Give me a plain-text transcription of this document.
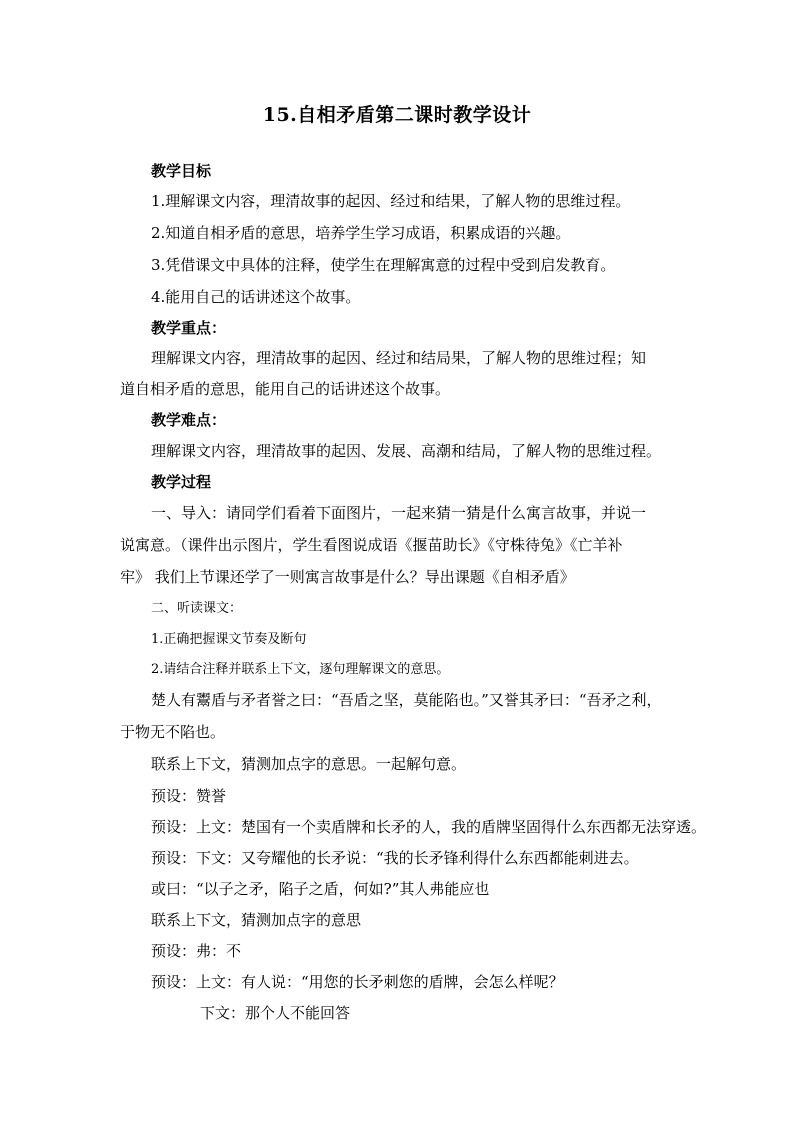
15.自相矛盾第二课时教学设计
教学目标
1.理解课文内容，理清故事的起因、经过和结果，了解人物的思维过程。
2.知道自相矛盾的意思，培养学生学习成语，积累成语的兴趣。
3.凭借课文中具体的注释，使学生在理解寓意的过程中受到启发教育。
4.能用自己的话讲述这个故事。
教学重点：
理解课文内容，理清故事的起因、经过和结局果，了解人物的思维过程；知
道自相矛盾的意思，能用自己的话讲述这个故事。
教学难点：
理解课文内容，理清故事的起因、发展、高潮和结局，了解人物的思维过程。
教学过程
一、导入：请同学们看着下面图片，一起来猜一猜是什么寓言故事，并说一
说寓意。（课件出示图片，学生看图说成语《揠苗助长》《守株待兔》《亡羊补
牢》 我们上节课还学了一则寓言故事是什么？导出课题《自相矛盾》
二、听读课文：
1.正确把握课文节奏及断句
2.请结合注释并联系上下文，逐句理解课文的意思。
楚人有鬻盾与矛者誉之曰：“吾盾之坚，莫能陷也。”又誉其矛曰：“吾矛之利，
于物无不陷也。
联系上下文，猜测加点字的意思。一起解句意。
预设：赞誉
预设：上文：楚国有一个卖盾牌和长矛的人，我的盾牌坚固得什么东西都无法穿透。
预设：下文：又夸耀他的长矛说：“我的长矛锋利得什么东西都能刺进去。
或曰：“以子之矛，陷子之盾，何如?”其人弗能应也
联系上下文，猜测加点字的意思
预设：弗：不
预设：上文：有人说：“用您的长矛刺您的盾牌，会怎么样呢？
下文：那个人不能回答
